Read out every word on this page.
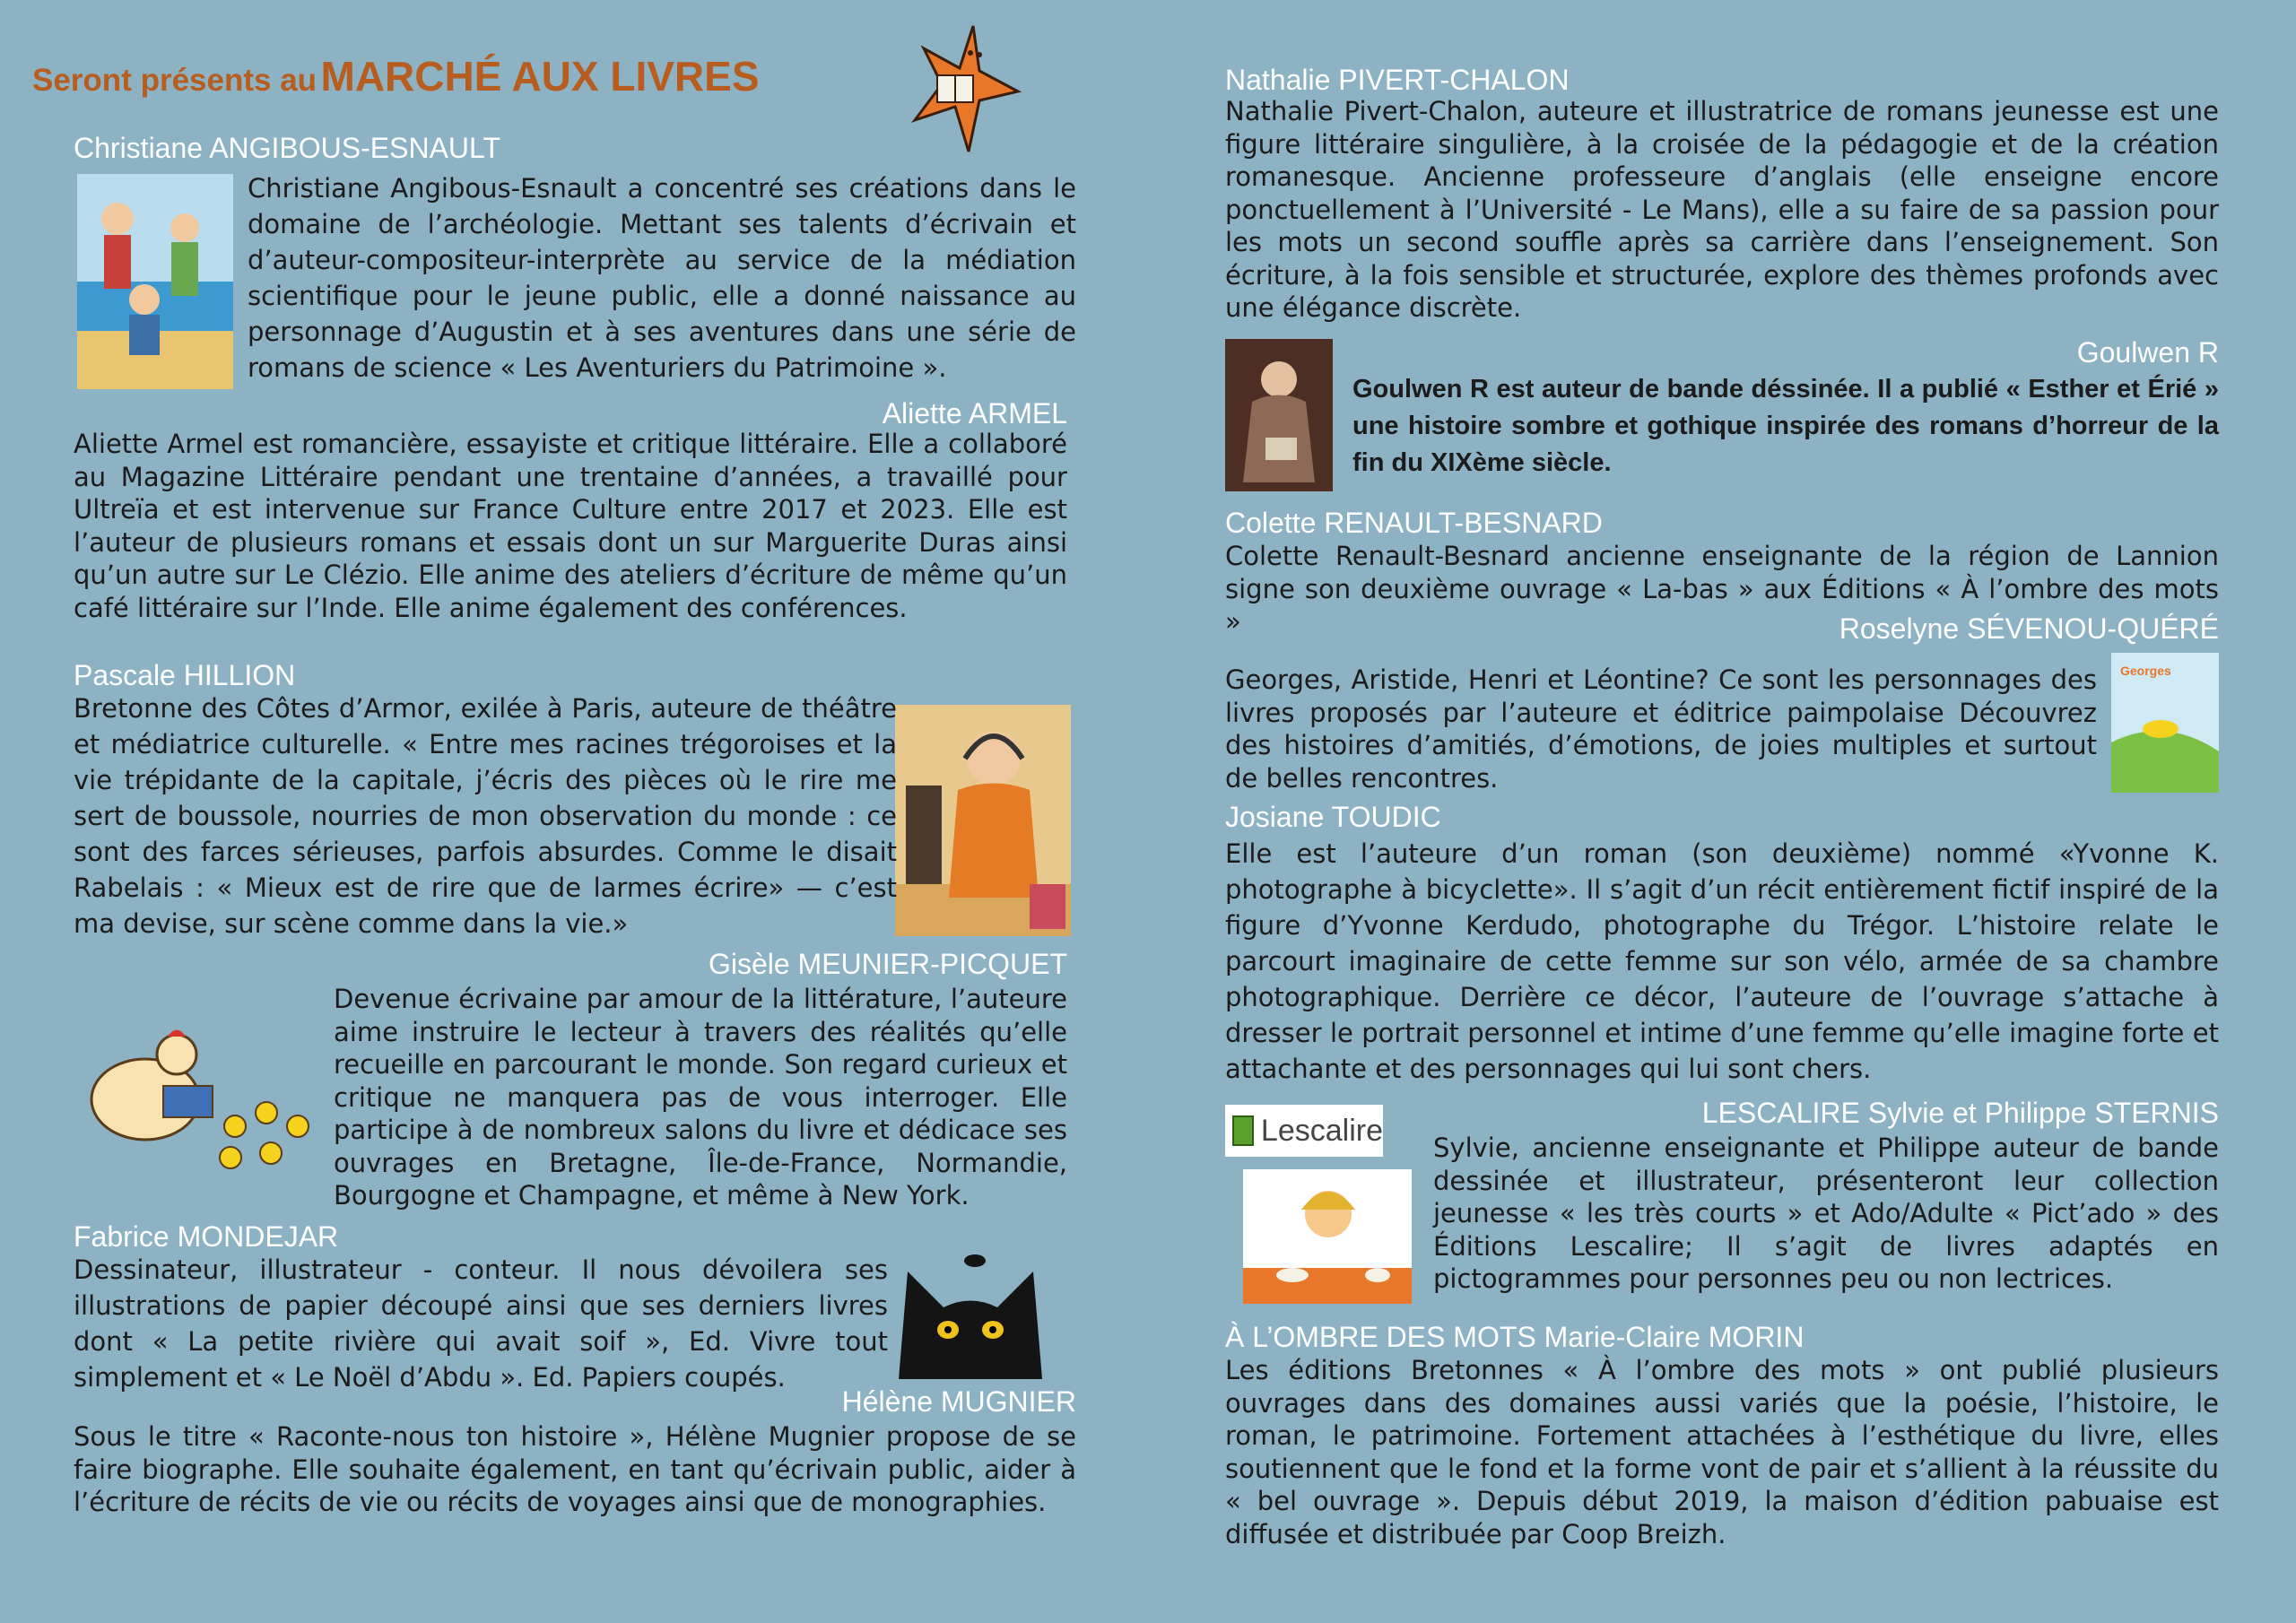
Seront présents au MARCHÉ AUX LIVRES

Christiane ANGIBOUS-ESNAULT

Christiane Angibous-Esnault a concentré ses créations dans le domaine de l’archéologie. Mettant ses talents d’écrivain et d’auteur-compositeur-interprète au service de la médiation scientifique pour le jeune public, elle a donné naissance au personnage d’Augustin et à ses aventures dans une série de romans de science « Les Aventuriers du Patrimoine ».

Aliette ARMEL

Aliette Armel est romancière, essayiste et critique littéraire. Elle a collaboré au Magazine Littéraire pendant une trentaine d’années, a travaillé pour Ultreïa et est intervenue sur France Culture entre 2017 et 2023. Elle est l’auteur de plusieurs romans et essais dont un sur Marguerite Duras ainsi qu’un autre sur Le Clézio. Elle anime des ateliers d’écriture de même qu’un café littéraire sur l’Inde. Elle anime également des conférences.

Pascale HILLION

Bretonne des Côtes d’Armor, exilée à Paris, auteure de théâtre et médiatrice culturelle. « Entre mes racines trégoroises et la vie trépidante de la capitale, j’écris des pièces où le rire me sert de boussole, nourries de mon observation du monde : ce sont des farces sérieuses, parfois absurdes. Comme le disait Rabelais : « Mieux est de rire que de larmes écrire» — c’est ma devise, sur scène comme dans la vie.»

Gisèle MEUNIER-PICQUET

Devenue écrivaine par amour de la littérature, l’auteure aime instruire le lecteur à travers des réalités qu’elle recueille en parcourant le monde. Son regard curieux et critique ne manquera pas de vous interroger. Elle participe à de nombreux salons du livre et dédicace ses ouvrages en Bretagne, Île-de-France, Normandie, Bourgogne et Champagne, et même à New York.

Fabrice MONDEJAR

Dessinateur, illustrateur - conteur. Il nous dévoilera ses illustrations de papier découpé ainsi que ses derniers livres dont « La petite rivière qui avait soif », Ed. Vivre tout simplement et « Le Noël d’Abdu ». Ed. Papiers coupés.

Hélène MUGNIER

Sous le titre « Raconte-nous ton histoire », Hélène Mugnier propose de se faire biographe. Elle souhaite également, en tant qu’écrivain public, aider à l’écriture de récits de vie ou récits de voyages ainsi que de monographies.

Nathalie PIVERT-CHALON

Nathalie Pivert-Chalon, auteure et illustratrice de romans jeunesse est une figure littéraire singulière, à la croisée de la pédagogie et de la création romanesque. Ancienne professeure d’anglais (elle enseigne encore ponctuellement à l’Université - Le Mans), elle a su faire de sa passion pour les mots un second souffle après sa carrière dans l’enseignement. Son écriture, à la fois sensible et structurée, explore des thèmes profonds avec une élégance discrète.

Goulwen R

Goulwen R est auteur de bande déssinée. Il a publié « Esther et Érié » une histoire sombre et gothique inspirée des romans d’horreur de la fin du XIXème siècle.

Colette RENAULT-BESNARD

Colette Renault-Besnard ancienne enseignante de la région de Lannion signe son deuxième ouvrage « La-bas » aux Éditions « À l’ombre des mots »	Roselyne SÉVENOU-QUÉRÉ

Georges

Georges, Aristide, Henri et Léontine? Ce sont les personnages des livres proposés par l’auteure et éditrice paimpolaise Découvrez des histoires d’amitiés, d’émotions, de joies multiples et surtout de belles rencontres.

Josiane TOUDIC

Elle est l’auteure d’un roman (son deuxième) nommé «Yvonne K. photographe à bicyclette». Il s’agit d’un récit entièrement fictif inspiré de la figure d’Yvonne Kerdudo, photographe du Trégor. L’histoire relate le parcourt imaginaire de cette femme sur son vélo, armée de sa chambre photographique. Derrière ce décor, l’auteure de l’ouvrage s’attache à dresser le portrait personnel et intime d’une femme qu’elle imagine forte et attachante et des personnages qui lui sont chers.

Lescalire

LESCALIRE Sylvie et Philippe STERNIS

Sylvie, ancienne enseignante et Philippe auteur de bande dessinée et illustrateur, présenteront leur collection jeunesse « les très courts » et Ado/Adulte « Pict’ado » des Éditions Lescalire; Il s’agit de livres adaptés en pictogrammes pour personnes peu ou non lectrices.

À L’OMBRE DES MOTS Marie-Claire MORIN

Les éditions Bretonnes « À l’ombre des mots » ont publié plusieurs ouvrages dans des domaines aussi variés que la poésie, l’histoire, le roman, le patrimoine. Fortement attachées à l’esthétique du livre, elles soutiennent que le fond et la forme vont de pair et s’allient à la réussite du « bel ouvrage ». Depuis début 2019, la maison d’édition pabuaise est diffusée et distribuée par Coop Breizh.
